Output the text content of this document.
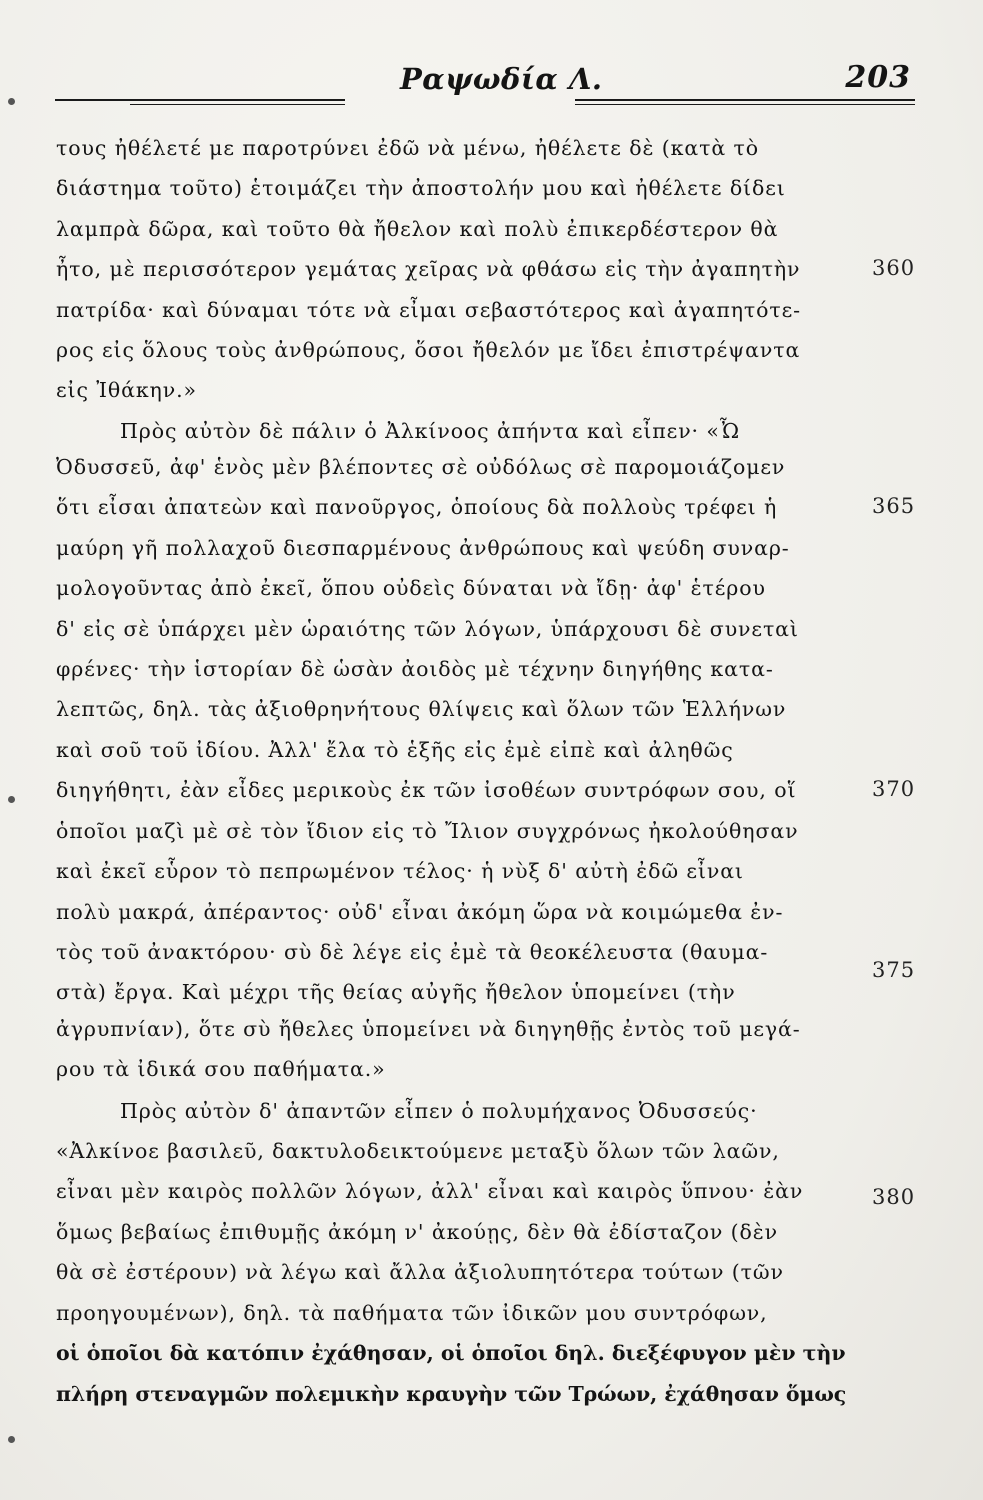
Ραψωδία Λ.	203
τους ἠθέλετέ με παροτρύνει ἐδῶ νὰ μένω, ἠθέλετε δὲ (κατὰ τὸ
διάστημα τοῦτο) ἑτοιμάζει τὴν ἀποστολήν μου καὶ ἠθέλετε δίδει
λαμπρὰ δῶρα, καὶ τοῦτο θὰ ἤθελον καὶ πολὺ ἐπικερδέστερον θὰ
ἦτο, μὲ περισσότερον γεμάτας χεῖρας νὰ φθάσω εἰς τὴν ἀγαπητὴν
πατρίδα· καὶ δύναμαι τότε νὰ εἶμαι σεβαστότερος καὶ ἀγαπητότε-
ρος εἰς ὅλους τοὺς ἀνθρώπους, ὅσοι ἤθελόν με ἴδει ἐπιστρέψαντα
εἰς Ἰθάκην.»
Πρὸς αὐτὸν δὲ πάλιν ὁ Ἀλκίνοος ἀπήντα καὶ εἶπεν· «Ὦ
Ὀδυσσεῦ, ἀφ' ἑνὸς μὲν βλέποντες σὲ οὐδόλως σὲ παρομοιάζομεν
ὅτι εἶσαι ἀπατεὼν καὶ πανοῦργος, ὁποίους δὰ πολλοὺς τρέφει ἡ
μαύρη γῆ πολλαχοῦ διεσπαρμένους ἀνθρώπους καὶ ψεύδη συναρ-
μολογοῦντας ἀπὸ ἐκεῖ, ὅπου οὐδεὶς δύναται νὰ ἴδῃ· ἀφ' ἑτέρου
δ' εἰς σὲ ὑπάρχει μὲν ὡραιότης τῶν λόγων, ὑπάρχουσι δὲ συνεταὶ
φρένες· τὴν ἱστορίαν δὲ ὡσὰν ἀοιδὸς μὲ τέχνην διηγήθης κατα-
λεπτῶς, δηλ. τὰς ἀξιοθρηνήτους θλίψεις καὶ ὅλων τῶν Ἑλλήνων
καὶ σοῦ τοῦ ἰδίου. Ἀλλ' ἔλα τὸ ἑξῆς εἰς ἐμὲ εἰπὲ καὶ ἀληθῶς
διηγήθητι, ἐὰν εἶδες μερικοὺς ἐκ τῶν ἰσοθέων συντρόφων σου, οἵ
ὁποῖοι μαζὶ μὲ σὲ τὸν ἴδιον εἰς τὸ Ἴλιον συγχρόνως ἠκολούθησαν
καὶ ἐκεῖ εὗρον τὸ πεπρωμένον τέλος· ἡ νὺξ δ' αὐτὴ ἐδῶ εἶναι
πολὺ μακρά, ἀπέραντος· οὐδ' εἶναι ἀκόμη ὥρα νὰ κοιμώμεθα ἐν-
τὸς τοῦ ἀνακτόρου· σὺ δὲ λέγε εἰς ἐμὲ τὰ θεοκέλευστα (θαυμα-
στὰ) ἔργα. Καὶ μέχρι τῆς θείας αὐγῆς ἤθελον ὑπομείνει (τὴν
ἀγρυπνίαν), ὅτε σὺ ἤθελες ὑπομείνει νὰ διηγηθῇς ἐντὸς τοῦ μεγά-
ρου τὰ ἰδικά σου παθήματα.»
Πρὸς αὐτὸν δ' ἀπαντῶν εἶπεν ὁ πολυμήχανος Ὀδυσσεύς·
«Ἀλκίνοε βασιλεῦ, δακτυλοδεικτούμενε μεταξὺ ὅλων τῶν λαῶν,
εἶναι μὲν καιρὸς πολλῶν λόγων, ἀλλ' εἶναι καὶ καιρὸς ὕπνου· ἐὰν
ὅμως βεβαίως ἐπιθυμῇς ἀκόμη ν' ἀκούῃς, δὲν θὰ ἐδίσταζον (δὲν
θὰ σὲ ἐστέρουν) νὰ λέγω καὶ ἄλλα ἀξιολυπητότερα τούτων (τῶν
προηγουμένων), δηλ. τὰ παθήματα τῶν ἰδικῶν μου συντρόφων,
οἱ ὁποῖοι δὰ κατόπιν ἐχάθησαν, οἱ ὁποῖοι δηλ. διεξέφυγον μὲν τὴν
πλήρη στεναγμῶν πολεμικὴν κραυγὴν τῶν Τρώων, ἐχάθησαν ὅμως
360
365
370
375
380
